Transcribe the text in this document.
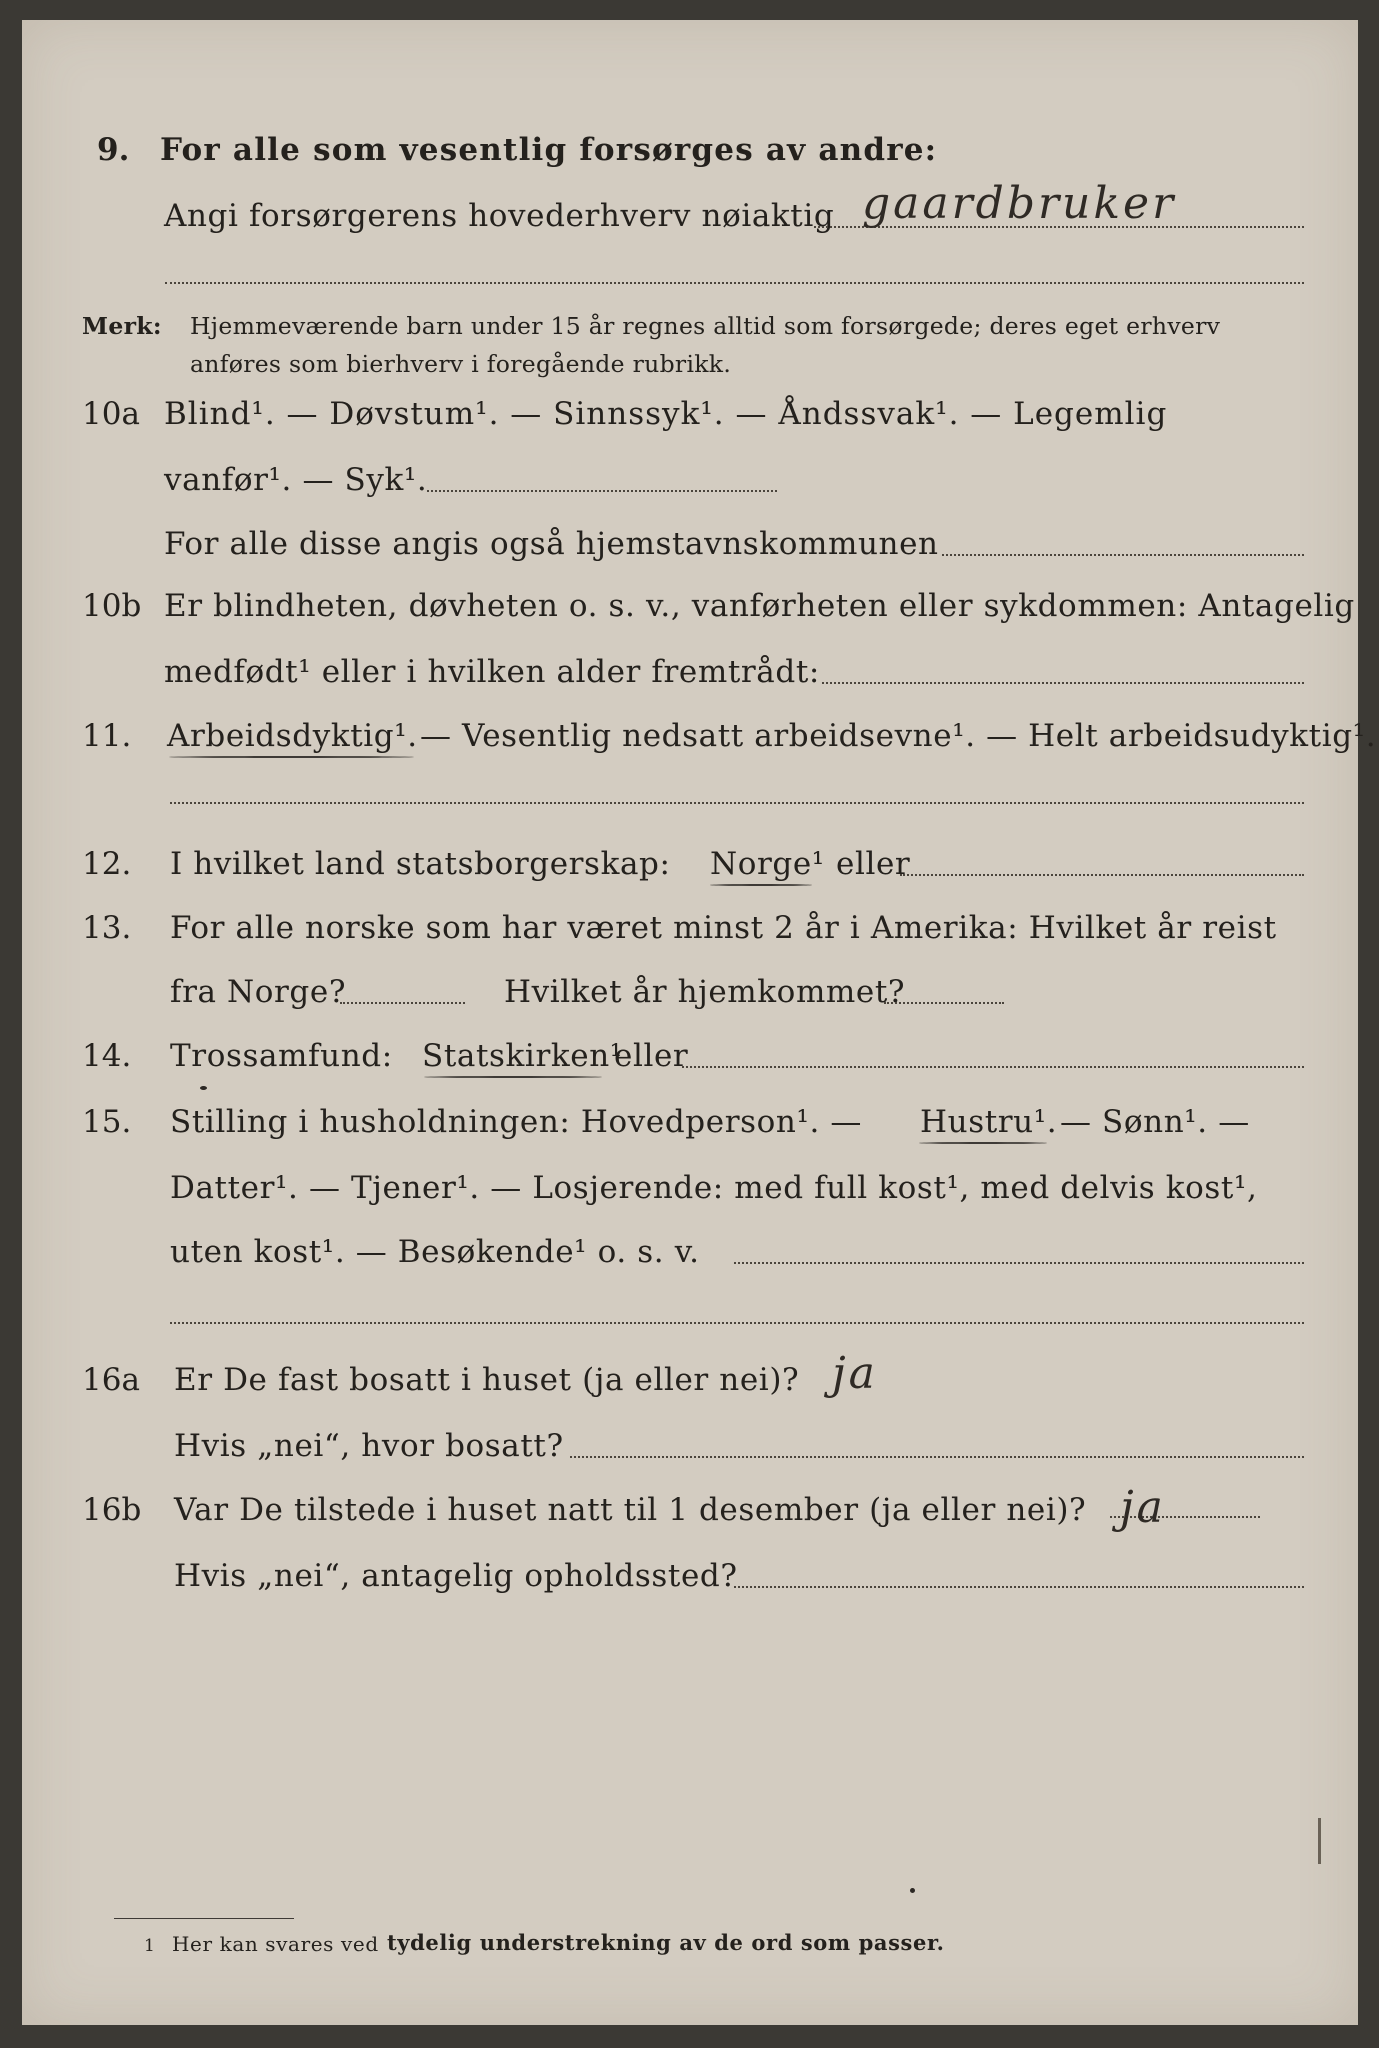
9. For alle som vesentlig forsørges av andre:
Angi forsørgerens hovederhverv nøiaktig gaardbruker
Merk: Hjemmeværende barn under 15 år regnes alltid som forsørgede; deres eget erhverv
anføres som bierhverv i foregående rubrikk.
10a Blind¹. — Døvstum¹. — Sinnssyk¹. — Åndssvak¹. — Legemlig
vanfør¹. — Syk¹.
For alle disse angis også hjemstavnskommunen
10b Er blindheten, døvheten o. s. v., vanførheten eller sykdommen: Antagelig
medfødt¹ eller i hvilken alder fremtrådt:
11. Arbeidsdyktig¹. — Vesentlig nedsatt arbeidsevne¹. — Helt arbeidsudyktig¹.
12. I hvilket land statsborgerskap: Norge¹ eller
13. For alle norske som har været minst 2 år i Amerika: Hvilket år reist
fra Norge?	Hvilket år hjemkommet?
14. Trossamfund: Statskirken¹
eller
15. Stilling i husholdningen: Hovedperson¹. — Hustru¹. — Sønn¹. —
Datter¹. — Tjener¹. — Losjerende: med full kost¹, med delvis kost¹,
uten kost¹. — Besøkende¹ o. s. v.
16a Er De fast bosatt i huset (ja eller nei)? ja
Hvis „nei“, hvor bosatt?
16b Var De tilstede i huset natt til 1 desember (ja eller nei)? ja
Hvis „nei“, antagelig opholdssted?
1 Her kan svares ved tydelig understrekning av de ord som passer.
